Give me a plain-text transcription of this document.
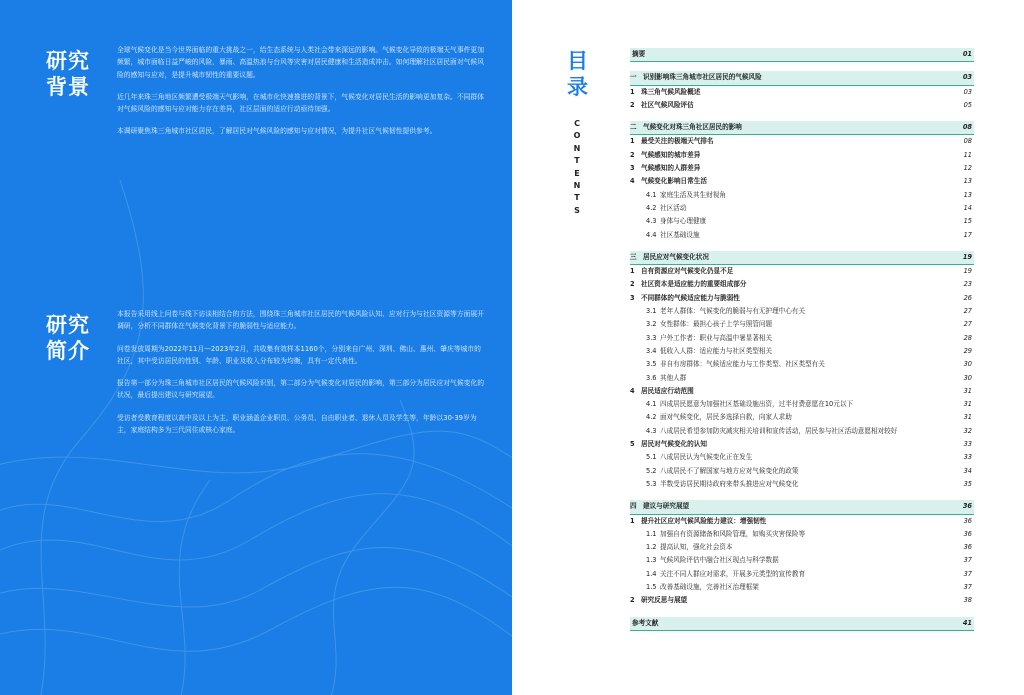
研究背景

全球气候变化是当今世界面临的重大挑战之一，给生态系统与人类社会带来深远的影响。气候变化导致的极端天气事件更加频繁，城市面临日益严峻的风险，暴雨、高温热浪与台风等灾害对居民健康和生活造成冲击。如何理解社区居民面对气候风险的感知与应对，是提升城市韧性的重要议题。

近几年来珠三角地区频繁遭受极端天气影响，在城市化快速推进的背景下，气候变化对居民生活的影响更加复杂。不同群体对气候风险的感知与应对能力存在差异，社区层面的适应行动亟待加强。

本调研聚焦珠三角城市社区居民，了解居民对气候风险的感知与应对情况，为提升社区气候韧性提供参考。

研究简介

本报告采用线上问卷与线下访谈相结合的方法，围绕珠三角城市社区居民的气候风险认知、应对行为与社区资源等方面展开调研，分析不同群体在气候变化背景下的脆弱性与适应能力。

问卷发放周期为2022年11月—2023年2月，共收集有效样本1160个，分别来自广州、深圳、佛山、惠州、肇庆等城市的社区，其中受访居民的性别、年龄、职业及收入分布较为均衡，具有一定代表性。

报告第一部分为珠三角城市社区居民的气候风险识别，第二部分为气候变化对居民的影响，第三部分为居民应对气候变化的状况，最后提出建议与研究展望。

受访者受教育程度以高中及以上为主，职业涵盖企业职员、公务员、自由职业者、退休人员及学生等，年龄以30-39岁为主，家庭结构多为三代同住或核心家庭。

目录
C
O
N
T
E
N
T
S
摘要	01
一 识别影响珠三角城市社区居民的气候风险	03
1 珠三角气候风险概述	03
2 社区气候风险评估	05
二 气候变化对珠三角社区居民的影响	08
1 最受关注的极端天气排名	08
2 气候感知的城市差异	11
3 气候感知的人群差异	12
4 气候变化影响日常生活	13
4.1 家庭生活及其生财视角	13
4.2 社区活动	14
4.3 身体与心理健康	15
4.4 社区基础设施	17
三 居民应对气候变化状况	19
1 自有资源应对气候变化仍显不足	19
2 社区资本是适应能力的重要组成部分	23
3 不同群体的气候适应能力与脆弱性	26
3.1 老年人群体：气候变化的脆弱与有无护理中心有关	27
3.2 女性群体：最担心孩子上学与照管问题	27
3.3 户外工作者：职业与高温中暑显著相关	28
3.4 低收入人群：适应能力与社区类型相关	29
3.5 非自有房群体：气候适应能力与工作类型、社区类型有关	30
3.6 其他人群	30
4 居民适应行动范围	31
4.1 四成居民愿意为加强社区基础设施出资，过半付费意愿在10元以下	31
4.2 面对气候变化，居民多选择自救，向家人求助	31
4.3 八成居民希望参加防灾减灾相关培训和宣传活动，居民参与社区活动意愿相对较好	32
5 居民对气候变化的认知	33
5.1 八成居民认为气候变化正在发生	33
5.2 八成居民不了解国家与地方应对气候变化的政策	34
5.3 半数受访居民期待政府来带头推进应对气候变化	35
四 建议与研究展望	36
1 提升社区应对气候风险能力建议：增强韧性	36
1.1 加强自有资源储备和风险管理，如购买灾害保险等	36
1.2 提高认知，强化社会资本	36
1.3 气候风险评估中融合社区现点与科学数据	37
1.4 关注不同人群应对需求，开展多元类型的宣传教育	37
1.5 改善基础设施，完善社区治理框架	37
2 研究反思与展望	38
参考文献	41
